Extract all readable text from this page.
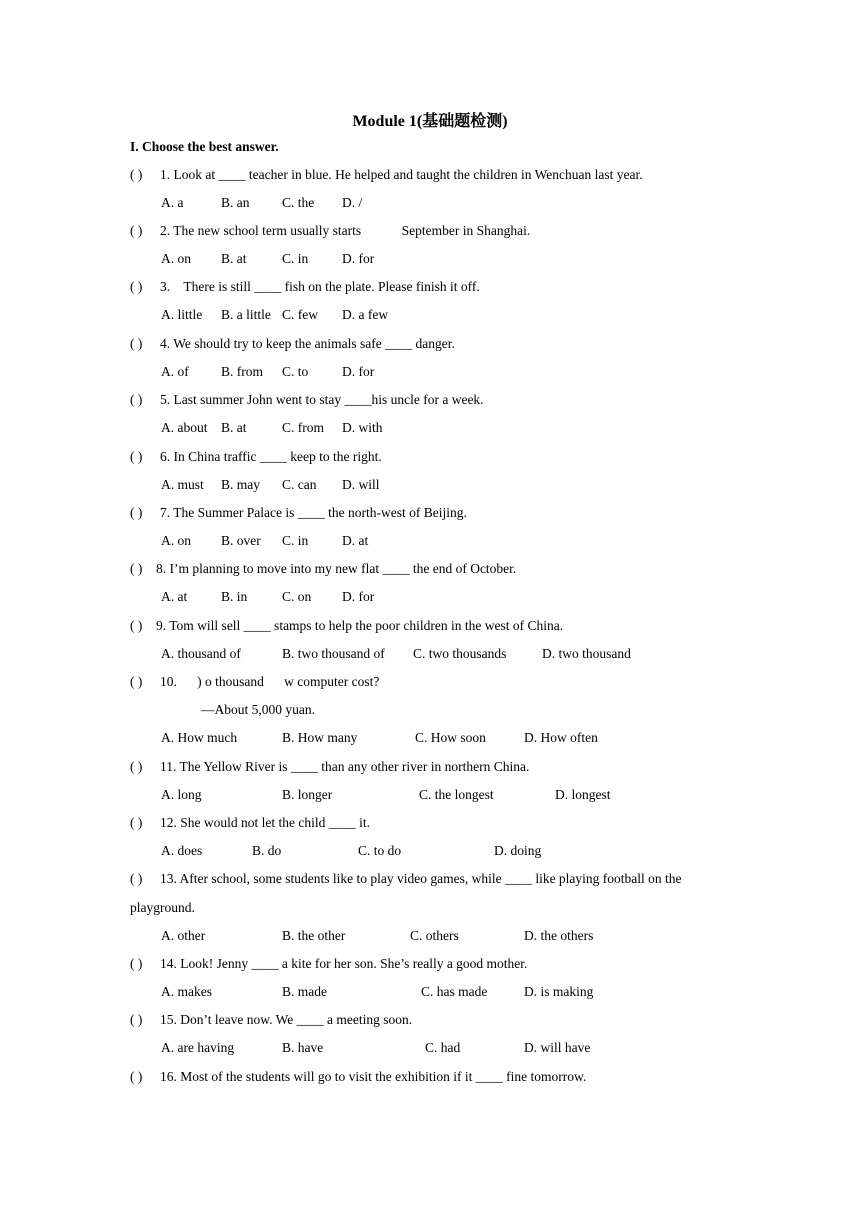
Module 1(基础题检测)
I. Choose the best answer.
( ) 1. Look at ____ teacher in blue. He helped and taught the children in Wenchuan last year.
A. a	B. an C. the D. /
( ) 2. The new school term usually starts            September in Shanghai.
A. on B. at	C. in D. for
( ) 3.    There is still ____ fish on the plate. Please finish it off.
A. little B. a little C. few D. a few
( ) 4. We should try to keep the animals safe ____ danger.
A. of B. from C. to D. for
( ) 5. Last summer John went to stay ____his uncle for a week.
A. about B. at	C. from D. with
( ) 6. In China traffic ____ keep to the right.
A. must B. may C. can D. will
( ) 7. The Summer Palace is ____ the north-west of Beijing.
A. on B. over C. in D. at
( ) 8. I’m planning to move into my new flat ____ the end of October.
A. at	B. in	C. on D. for
( ) 9. Tom will sell ____ stamps to help the poor children in the west of China.
A. thousand of	B. two thousand of C. two thousands	D. two thousand
( ) 10.      ) o thousand      w computer cost?
—About 5,000 yuan.
A. How much	B. How many	C. How soon	D. How often
( ) 11. The Yellow River is ____ than any other river in northern China.
A. long	B. longer	C. the longest	D. longest
( ) 12. She would not let the child ____ it.
A. does	B. do	C. to do	D. doing
( ) 13. After school, some students like to play video games, while ____ like playing football on the
playground.
A. other	B. the other	C. others	D. the others
( ) 14. Look! Jenny ____ a kite for her son. She’s really a good mother.
A. makes	B. made	C. has made	D. is making
( ) 15. Don’t leave now. We ____ a meeting soon.
A. are having	B. have	C. had	D. will have
( ) 16. Most of the students will go to visit the exhibition if it ____ fine tomorrow.
